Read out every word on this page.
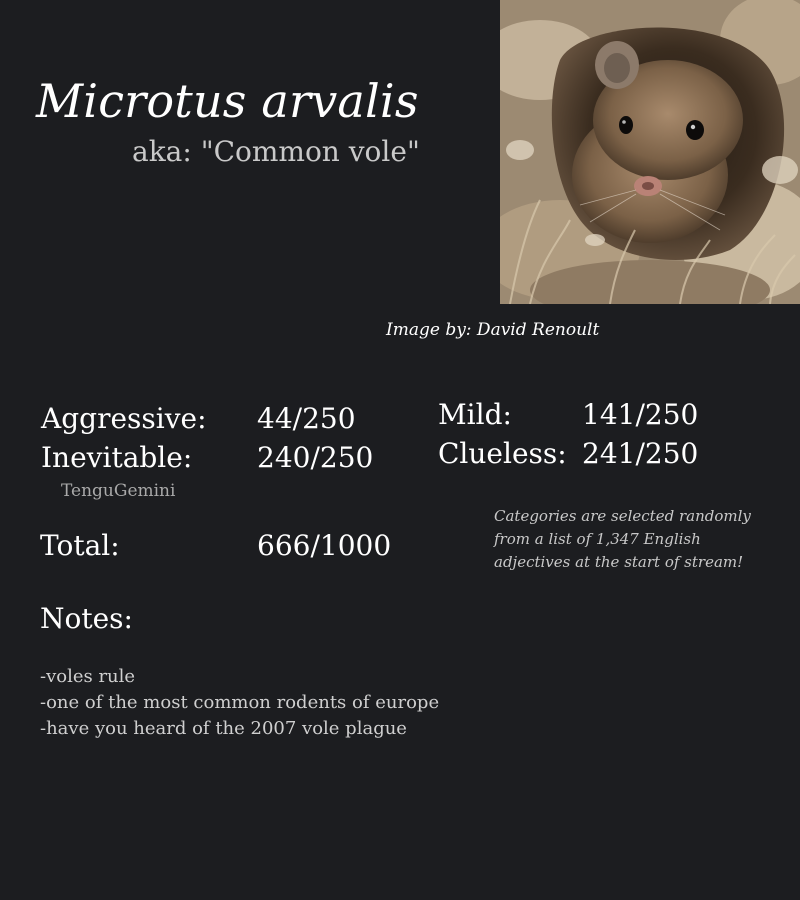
Microtus arvalis
aka: "Common vole"
Image by: David Renoult
Aggressive: 44/250
Inevitable: 240/250
TenguGemini
Mild:	141/250
Clueless: 241/250
Categories are selected randomly
from a list of 1,347 English
adjectives at the start of stream!
Total:	666/1000
Notes:
-voles rule
-one of the most common rodents of europe
-have you heard of the 2007 vole plague
